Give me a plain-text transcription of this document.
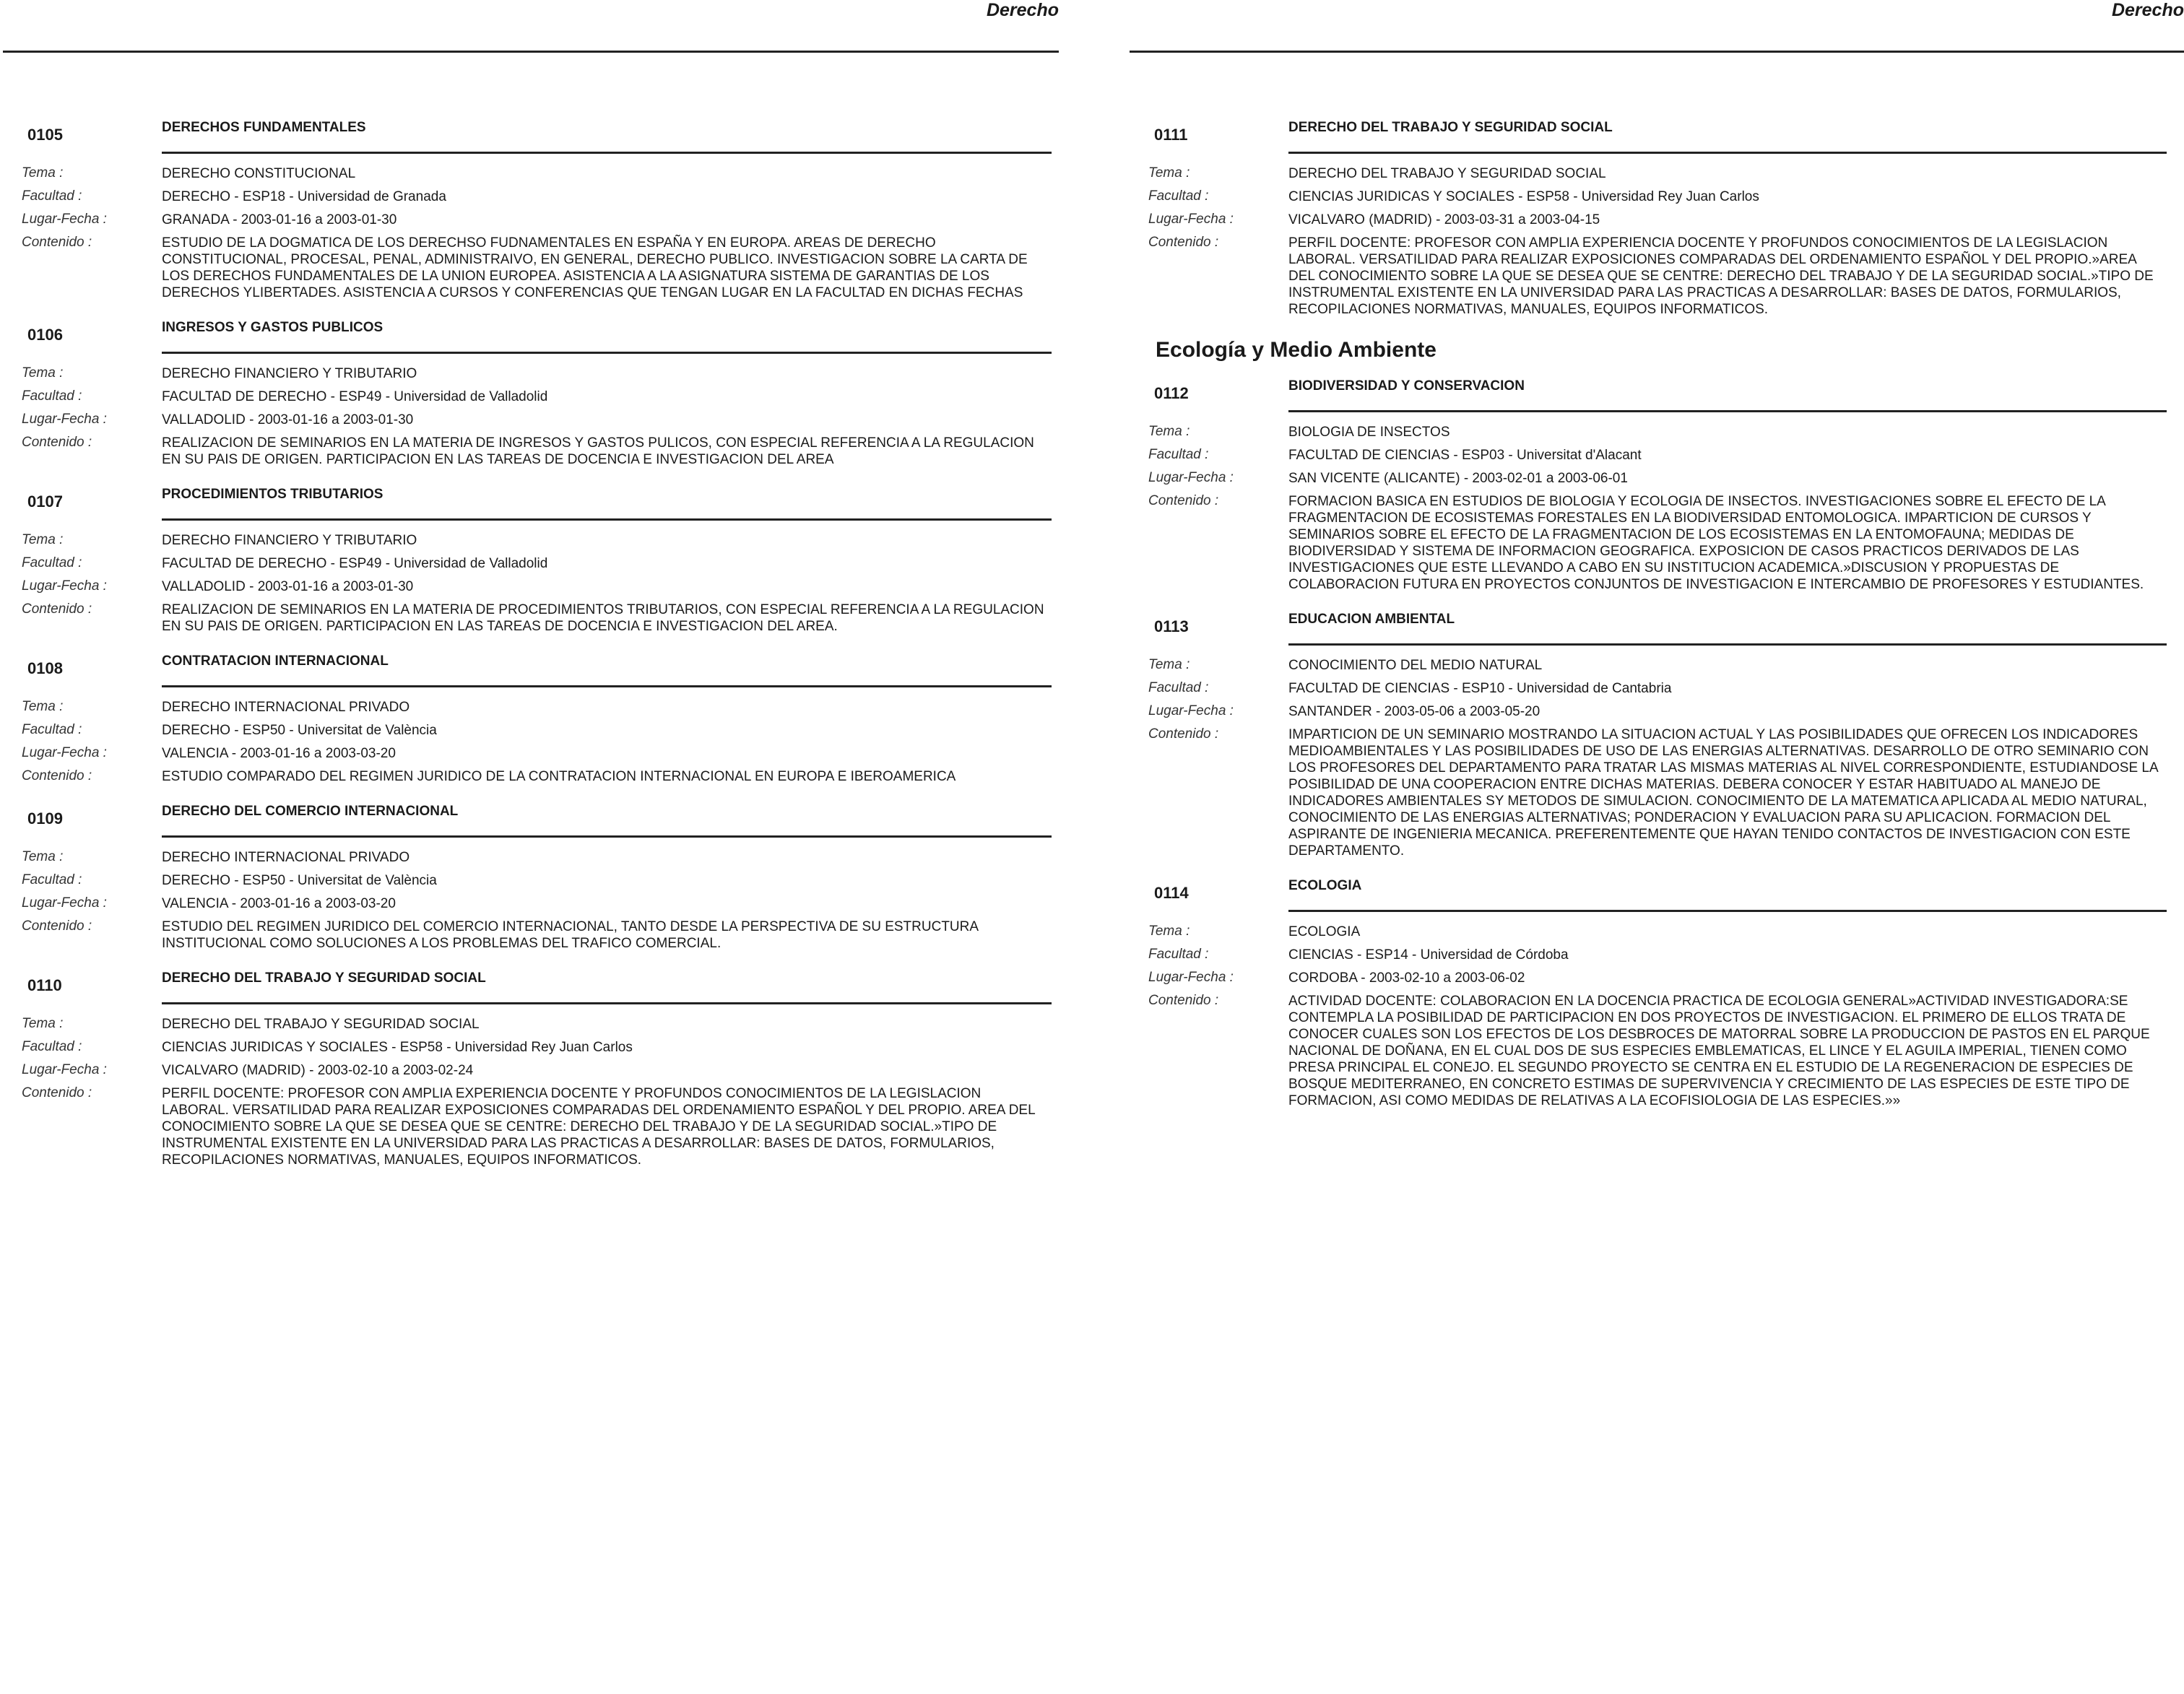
Derecho
0105	DERECHOS FUNDAMENTALES
Tema :	DERECHO CONSTITUCIONAL
Facultad :	DERECHO - ESP18 - Universidad de Granada
Lugar-Fecha :	GRANADA - 2003-01-16 a 2003-01-30
Contenido :	ESTUDIO DE LA DOGMATICA DE LOS DERECHSO FUDNAMENTALES EN ESPAÑA Y EN EUROPA. AREAS DE DERECHO CONSTITUCIONAL, PROCESAL, PENAL, ADMINISTRAIVO, EN GENERAL, DERECHO PUBLICO. INVESTIGACION SOBRE LA CARTA DE LOS DERECHOS FUNDAMENTALES DE LA UNION EUROPEA. ASISTENCIA A LA ASIGNATURA SISTEMA DE GARANTIAS DE LOS DERECHOS YLIBERTADES. ASISTENCIA A CURSOS Y CONFERENCIAS QUE TENGAN LUGAR EN LA FACULTAD EN DICHAS FECHAS
0106	INGRESOS Y GASTOS PUBLICOS
Tema :	DERECHO FINANCIERO Y TRIBUTARIO
Facultad :	FACULTAD DE DERECHO - ESP49 - Universidad de Valladolid
Lugar-Fecha :	VALLADOLID - 2003-01-16 a 2003-01-30
Contenido :	REALIZACION DE SEMINARIOS EN LA MATERIA DE INGRESOS Y GASTOS PULICOS, CON ESPECIAL REFERENCIA A LA REGULACION EN SU PAIS DE ORIGEN. PARTICIPACION EN LAS TAREAS DE DOCENCIA E INVESTIGACION DEL AREA
0107	PROCEDIMIENTOS TRIBUTARIOS
Tema :	DERECHO FINANCIERO Y TRIBUTARIO
Facultad :	FACULTAD DE DERECHO - ESP49 - Universidad de Valladolid
Lugar-Fecha :	VALLADOLID - 2003-01-16 a 2003-01-30
Contenido :	REALIZACION DE SEMINARIOS EN LA MATERIA DE PROCEDIMIENTOS TRIBUTARIOS, CON ESPECIAL REFERENCIA A LA REGULACION EN SU PAIS DE ORIGEN. PARTICIPACION EN LAS TAREAS DE DOCENCIA E INVESTIGACION DEL AREA.
0108	CONTRATACION INTERNACIONAL
Tema :	DERECHO INTERNACIONAL PRIVADO
Facultad :	DERECHO - ESP50 - Universitat de València
Lugar-Fecha :	VALENCIA - 2003-01-16 a 2003-03-20
Contenido :	ESTUDIO COMPARADO DEL REGIMEN JURIDICO DE LA CONTRATACION INTERNACIONAL EN EUROPA E IBEROAMERICA
0109	DERECHO DEL COMERCIO INTERNACIONAL
Tema :	DERECHO INTERNACIONAL PRIVADO
Facultad :	DERECHO - ESP50 - Universitat de València
Lugar-Fecha :	VALENCIA - 2003-01-16 a 2003-03-20
Contenido :	ESTUDIO DEL REGIMEN JURIDICO DEL COMERCIO INTERNACIONAL, TANTO DESDE LA PERSPECTIVA DE SU ESTRUCTURA INSTITUCIONAL COMO SOLUCIONES A LOS PROBLEMAS DEL TRAFICO COMERCIAL.
0110	DERECHO DEL TRABAJO Y SEGURIDAD SOCIAL
Tema :	DERECHO DEL TRABAJO Y SEGURIDAD SOCIAL
Facultad :	CIENCIAS JURIDICAS Y SOCIALES - ESP58 - Universidad Rey Juan Carlos
Lugar-Fecha :	VICALVARO (MADRID) - 2003-02-10 a 2003-02-24
Contenido :	PERFIL DOCENTE: PROFESOR CON AMPLIA EXPERIENCIA DOCENTE Y PROFUNDOS CONOCIMIENTOS DE LA LEGISLACION LABORAL. VERSATILIDAD PARA REALIZAR EXPOSICIONES COMPARADAS DEL ORDENAMIENTO ESPAÑOL Y DEL PROPIO. AREA DEL CONOCIMIENTO SOBRE LA QUE SE DESEA QUE SE CENTRE: DERECHO DEL TRABAJO Y DE LA SEGURIDAD SOCIAL.»TIPO DE INSTRUMENTAL EXISTENTE EN LA UNIVERSIDAD PARA LAS PRACTICAS A DESARROLLAR: BASES DE DATOS, FORMULARIOS, RECOPILACIONES NORMATIVAS, MANUALES, EQUIPOS INFORMATICOS.
Derecho
0111	DERECHO DEL TRABAJO Y SEGURIDAD SOCIAL
Tema :	DERECHO DEL TRABAJO Y SEGURIDAD SOCIAL
Facultad :	CIENCIAS JURIDICAS Y SOCIALES - ESP58 - Universidad Rey Juan Carlos
Lugar-Fecha :	VICALVARO (MADRID) - 2003-03-31 a 2003-04-15
Contenido :	PERFIL DOCENTE: PROFESOR CON AMPLIA EXPERIENCIA DOCENTE Y PROFUNDOS CONOCIMIENTOS DE LA LEGISLACION LABORAL. VERSATILIDAD PARA REALIZAR EXPOSICIONES COMPARADAS DEL ORDENAMIENTO ESPAÑOL Y DEL PROPIO.»AREA DEL CONOCIMIENTO SOBRE LA QUE SE DESEA QUE SE CENTRE: DERECHO DEL TRABAJO Y DE LA SEGURIDAD SOCIAL.»TIPO DE INSTRUMENTAL EXISTENTE EN LA UNIVERSIDAD PARA LAS PRACTICAS A DESARROLLAR: BASES DE DATOS, FORMULARIOS, RECOPILACIONES NORMATIVAS, MANUALES, EQUIPOS INFORMATICOS.
Ecología y Medio Ambiente
0112	BIODIVERSIDAD Y CONSERVACION
Tema :	BIOLOGIA DE INSECTOS
Facultad :	FACULTAD DE CIENCIAS - ESP03 - Universitat d'Alacant
Lugar-Fecha :	SAN VICENTE (ALICANTE) - 2003-02-01 a 2003-06-01
Contenido :	FORMACION BASICA EN ESTUDIOS DE BIOLOGIA Y ECOLOGIA DE INSECTOS. INVESTIGACIONES SOBRE EL EFECTO DE LA FRAGMENTACION DE ECOSISTEMAS FORESTALES EN LA BIODIVERSIDAD ENTOMOLOGICA. IMPARTICION DE CURSOS Y SEMINARIOS SOBRE EL EFECTO DE LA FRAGMENTACION DE LOS ECOSISTEMAS EN LA ENTOMOFAUNA; MEDIDAS DE BIODIVERSIDAD Y SISTEMA DE INFORMACION GEOGRAFICA. EXPOSICION DE CASOS PRACTICOS DERIVADOS DE LAS INVESTIGACIONES QUE ESTE LLEVANDO A CABO EN SU INSTITUCION ACADEMICA.»DISCUSION Y PROPUESTAS DE COLABORACION FUTURA EN PROYECTOS CONJUNTOS DE INVESTIGACION E INTERCAMBIO DE PROFESORES Y ESTUDIANTES.
0113	EDUCACION AMBIENTAL
Tema :	CONOCIMIENTO DEL MEDIO NATURAL
Facultad :	FACULTAD DE CIENCIAS - ESP10 - Universidad de Cantabria
Lugar-Fecha :	SANTANDER - 2003-05-06 a 2003-05-20
Contenido :	IMPARTICION DE UN SEMINARIO MOSTRANDO LA SITUACION ACTUAL Y LAS POSIBILIDADES QUE OFRECEN LOS INDICADORES MEDIOAMBIENTALES Y LAS POSIBILIDADES DE USO DE LAS ENERGIAS ALTERNATIVAS. DESARROLLO DE OTRO SEMINARIO CON LOS PROFESORES DEL DEPARTAMENTO PARA TRATAR LAS MISMAS MATERIAS AL NIVEL CORRESPONDIENTE, ESTUDIANDOSE LA POSIBILIDAD DE UNA COOPERACION ENTRE DICHAS MATERIAS. DEBERA CONOCER Y ESTAR HABITUADO AL MANEJO DE INDICADORES AMBIENTALES SY METODOS DE SIMULACION. CONOCIMIENTO DE LA MATEMATICA APLICADA AL MEDIO NATURAL, CONOCIMIENTO DE LAS ENERGIAS ALTERNATIVAS; PONDERACION Y EVALUACION PARA SU APLICACION. FORMACION DEL ASPIRANTE DE INGENIERIA MECANICA. PREFERENTEMENTE QUE HAYAN TENIDO CONTACTOS DE INVESTIGACION CON ESTE DEPARTAMENTO.
0114	ECOLOGIA
Tema :	ECOLOGIA
Facultad :	CIENCIAS - ESP14 - Universidad de Córdoba
Lugar-Fecha :	CORDOBA - 2003-02-10 a 2003-06-02
Contenido :	ACTIVIDAD DOCENTE: COLABORACION EN LA DOCENCIA PRACTICA DE ECOLOGIA GENERAL»ACTIVIDAD INVESTIGADORA:SE CONTEMPLA LA POSIBILIDAD DE PARTICIPACION EN DOS PROYECTOS DE INVESTIGACION. EL PRIMERO DE ELLOS TRATA DE CONOCER CUALES SON LOS EFECTOS DE LOS DESBROCES DE MATORRAL SOBRE LA PRODUCCION DE PASTOS EN EL PARQUE NACIONAL DE DOÑANA, EN EL CUAL DOS DE SUS ESPECIES EMBLEMATICAS, EL LINCE Y EL AGUILA IMPERIAL, TIENEN COMO PRESA PRINCIPAL EL CONEJO. EL SEGUNDO PROYECTO SE CENTRA EN EL ESTUDIO DE LA REGENERACION DE ESPECIES DE BOSQUE MEDITERRANEO, EN CONCRETO ESTIMAS DE SUPERVIVENCIA Y CRECIMIENTO DE LAS ESPECIES DE ESTE TIPO DE FORMACION, ASI COMO MEDIDAS DE RELATIVAS A LA ECOFISIOLOGIA DE LAS ESPECIES.»»
